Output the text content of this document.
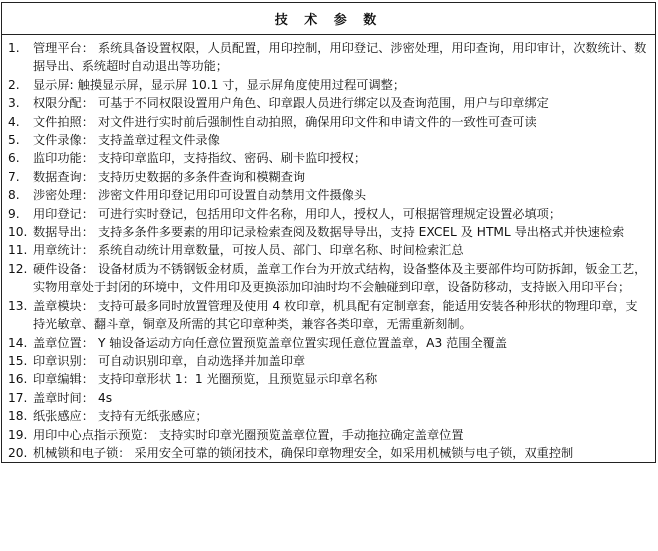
技 术 参 数

1.	管理平台： 系统具备设置权限，人员配置，用印控制，用印登记、涉密处理，用印查询，用印审计，次数统计、数据导出、系统超时自动退出等功能；
2.	显示屏: 触摸显示屏，显示屏 10.1 寸，显示屏角度使用过程可调整；
3.	权限分配： 可基于不同权限设置用户角色、印章跟人员进行绑定以及查询范围，用户与印章绑定
4.	文件拍照： 对文件进行实时前后强制性自动拍照，确保用印文件和申请文件的一致性可查可读
5.	文件录像： 支持盖章过程文件录像
6.	监印功能： 支持印章监印，支持指纹、密码、刷卡监印授权；
7.	数据查询： 支持历史数据的多条件查询和模糊查询
8.	涉密处理： 涉密文件用印登记用印可设置自动禁用文件摄像头
9.	用印登记： 可进行实时登记，包括用印文件名称，用印人，授权人，可根据管理规定设置必填项；
10. 数据导出： 支持多条件多要素的用印记录检索查阅及数据导导出，支持 EXCEL 及 HTML 导出格式并快速检索
11. 用章统计： 系统自动统计用章数量，可按人员、部门、印章名称、时间检索汇总
12. 硬件设备： 设备材质为不锈钢钣金材质，盖章工作台为开放式结构，设备整体及主要部件均可防拆卸，钣金工艺，实物用章处于封闭的环境中，文件用印及更换添加印油时均不会触碰到印章，设备防移动，支持嵌入用印平台；
13. 盖章模块： 支持可最多同时放置管理及使用 4 枚印章，机具配有定制章套，能适用安装各种形状的物理印章，支持光敏章、翻斗章，铜章及所需的其它印章种类，兼容各类印章，无需重新刻制。
14. 盖章位置： Y 轴设备运动方向任意位置预览盖章位置实现任意位置盖章，A3 范围全覆盖
15. 印章识别： 可自动识别印章，自动选择并加盖印章
16. 印章编辑： 支持印章形状 1：1 光圈预览，且预览显示印章名称
17. 盖章时间： 4s
18. 纸张感应： 支持有无纸张感应；
19. 用印中心点指示预览： 支持实时印章光圈预览盖章位置，手动拖拉确定盖章位置
20. 机械锁和电子锁： 采用安全可靠的锁闭技术，确保印章物理安全，如采用机械锁与电子锁，双重控制
